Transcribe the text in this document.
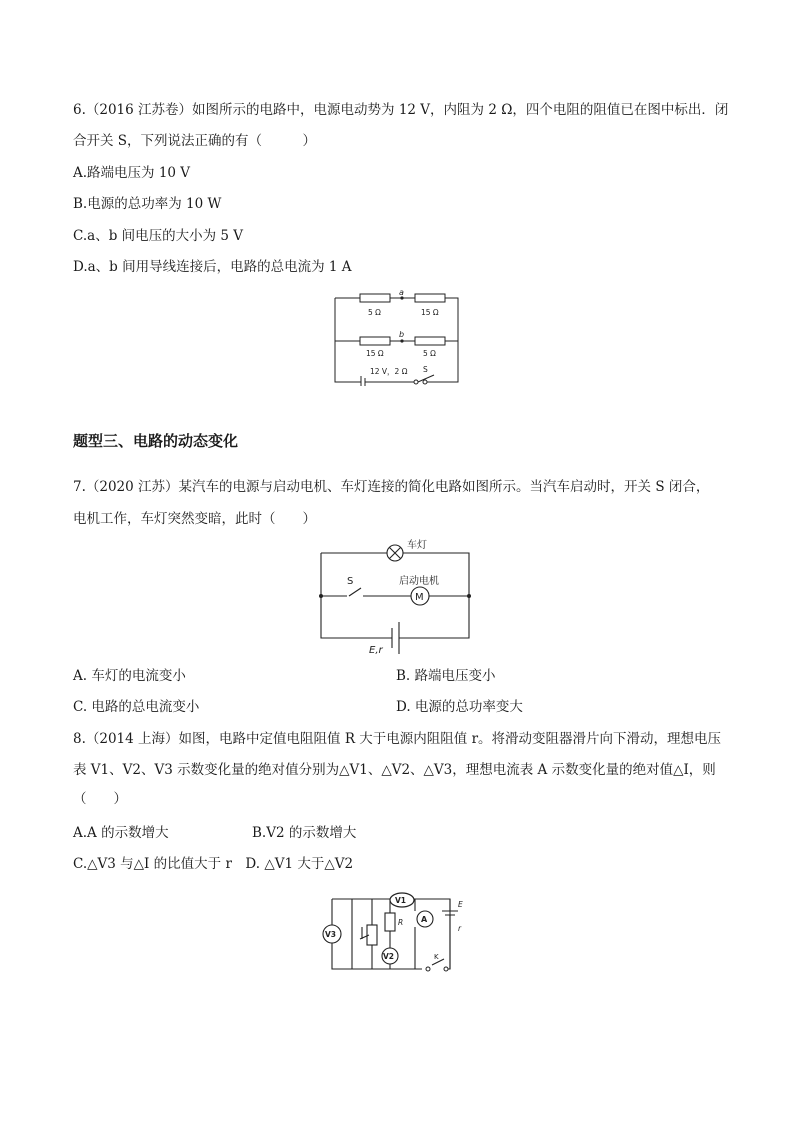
6.（2016 江苏卷）如图所示的电路中，电源电动势为 12 V，内阻为 2 Ω，四个电阻的阻值已在图中标出．闭
合开关 S，下列说法正确的有（　　　）
A.路端电压为 10 V
B.电源的总功率为 10 W
C.a、b 间电压的大小为 5 V
D.a、b 间用导线连接后，电路的总电流为 1 A
5 Ω	15 Ω
15 Ω	5 Ω
a
b
12 V，2 Ω S
题型三、电路的动态变化
7.（2020 江苏）某汽车的电源与启动电机、车灯连接的简化电路如图所示。当汽车启动时，开关 S 闭合，
电机工作，车灯突然变暗，此时（　　）
车灯
S	启动电机
M
E,r
A. 车灯的电流变小	B. 路端电压变小
C. 电路的总电流变小	D. 电源的总功率变大
8.（2014 上海）如图，电路中定值电阻阻值 R 大于电源内阻阻值 r。将滑动变阻器滑片向下滑动，理想电压
表 V1、V2、V3 示数变化量的绝对值分别为△V1、△V2、△V3，理想电流表 A 示数变化量的绝对值△I，则
（　　）
A.A 的示数增大	B.V2 的示数增大
C.△V3 与△I 的比值大于 r　 D. △V1 大于△V2
V3
V1
V2
A
R
E
r
K
